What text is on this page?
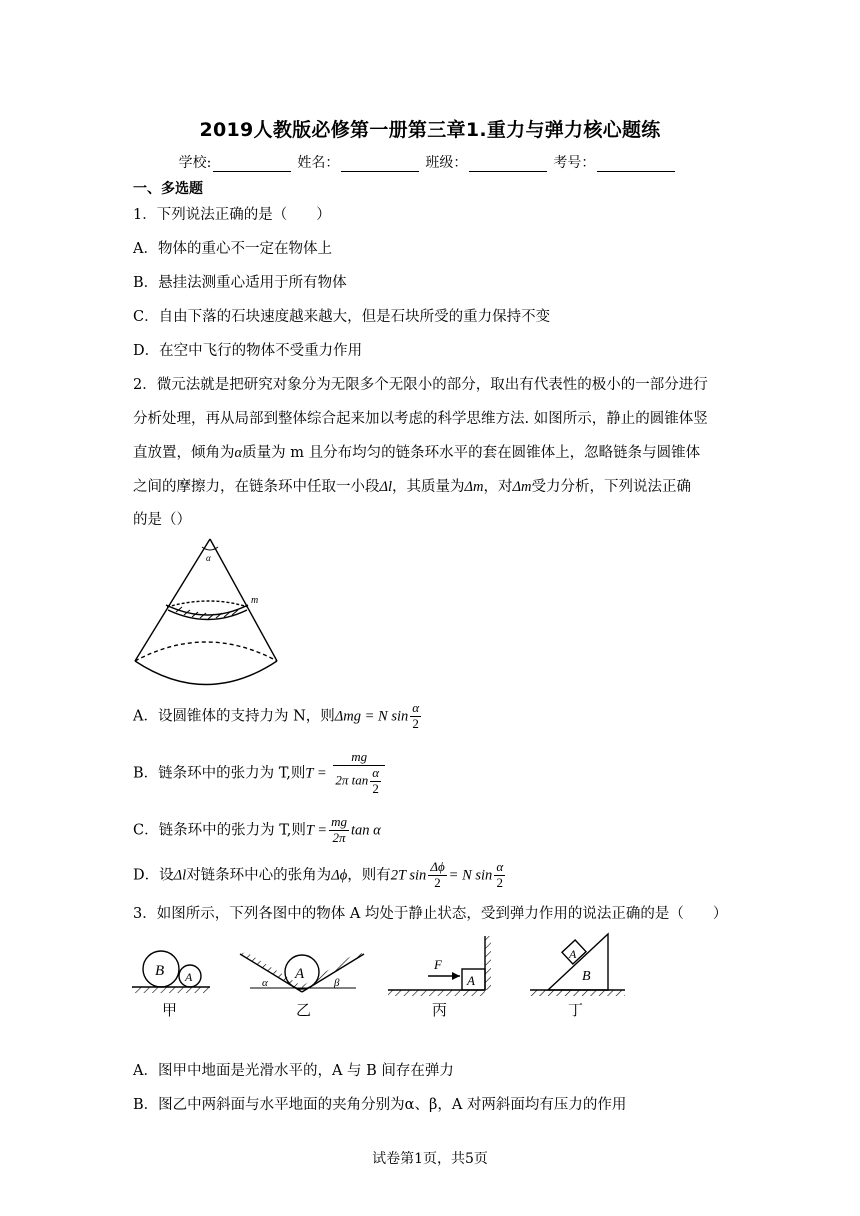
2019人教版必修第一册第三章1.重力与弹力核心题练
学校:	姓名：	班级：	考号：
一、多选题
1．下列说法正确的是（　　）
A．物体的重心不一定在物体上
B．悬挂法测重心适用于所有物体
C．自由下落的石块速度越来越大，但是石块所受的重力保持不变
D．在空中飞行的物体不受重力作用
2．微元法就是把研究对象分为无限多个无限小的部分，取出有代表性的极小的一部分进行
分析处理，再从局部到整体综合起来加以考虑的科学思维方法. 如图所示，静止的圆锥体竖
直放置，倾角为α质量为 m 且分布均匀的链条环水平的套在圆锥体上，忽略链条与圆锥体
之间的摩擦力，在链条环中任取一小段Δl，其质量为Δm，对Δm受力分析，下列说法正确
的是（）
α
m
A．设圆锥体的支持力为 N，则Δmg = N $\sin \frac{\alpha}{2}$
B．链条环中的张力为 T,则$T = \frac{mg}{2\pi \tan \frac{\alpha}{2}}$
C．链条环中的张力为 T,则$T = \frac{mg}{2\pi}$ tan α
D．设Δl对链条环中心的张角为Δϕ，则有2T $\sin \frac{\Delta\phi}{2} = N$ $\sin \frac{\alpha}{2}$
3．如图所示，下列各图中的物体 A 均处于静止状态，受到弹力作用的说法正确的是（　　）
B A
甲
A
α	β
乙
A
F
丙
A
B
丁
A．图甲中地面是光滑水平的，A 与 B 间存在弹力
B．图乙中两斜面与水平地面的夹角分别为α、β，A 对两斜面均有压力的作用
试卷第1页，共5页
